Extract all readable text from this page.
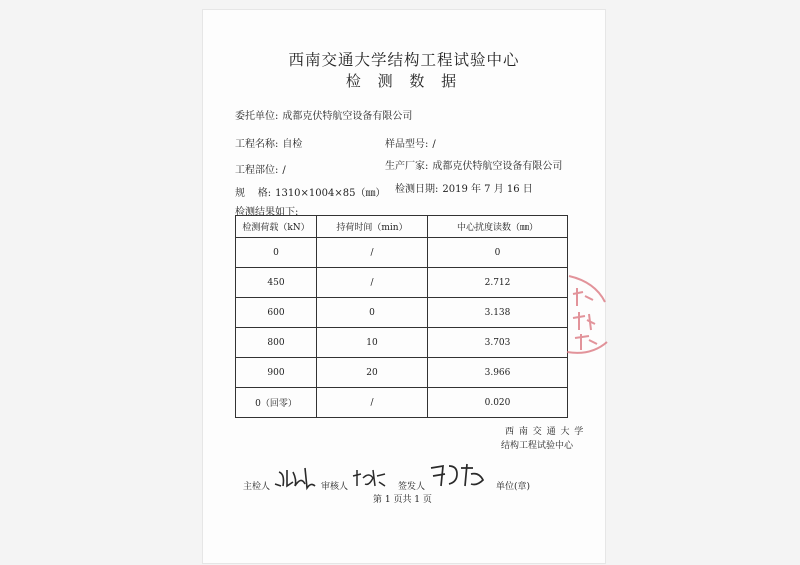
西南交通大学结构工程试验中心
检 测 数 据
委托单位: 成都克伏特航空设备有限公司
工程名称: 自检	样品型号: /
工程部位: /	生产厂家: 成都克伏特航空设备有限公司
规    格: 1310×1004×85（㎜） 检测日期: 2019 年 7 月 16 日
检测结果如下:
检测荷载（kN）	持荷时间（min）	中心扰度读数（㎜）
0	/	0
450	/	2.712
600	0	3.138
800	10	3.703
900	20	3.966
0（回零）	/	0.020
西 南 交 通 大 学
结构工程试验中心
主检人	审核人	签发人	单位(章)
第 1 页共 1 页
